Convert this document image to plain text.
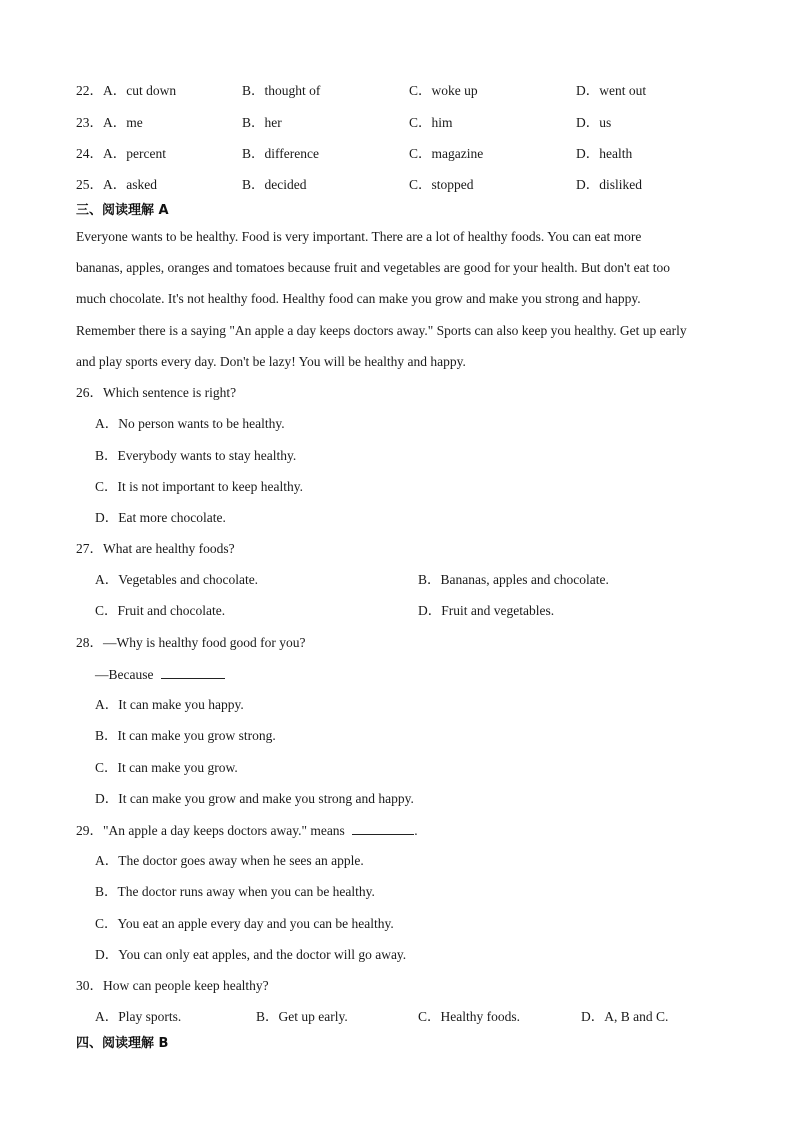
22．A．cut down	B．thought of	C．woke up	D．went out
23．A．me	B．her	C．him	D．us
24．A．percent	B．difference	C．magazine	D．health
25．A．asked	B．decided	C．stopped	D．disliked
三、阅读理解 A
Everyone wants to be healthy. Food is very important. There are a lot of healthy foods. You can eat more
bananas, apples, oranges and tomatoes because fruit and vegetables are good for your health. But don't eat too
much chocolate. It's not healthy food. Healthy food can make you grow and make you strong and happy.
Remember there is a saying "An apple a day keeps doctors away." Sports can also keep you healthy. Get up early
and play sports every day. Don't be lazy! You will be healthy and happy.
26．Which sentence is right?
A．No person wants to be healthy.
B．Everybody wants to stay healthy.
C．It is not important to keep healthy.
D．Eat more chocolate.
27．What are healthy foods?
A．Vegetables and chocolate.	B．Bananas, apples and chocolate.
C．Fruit and chocolate.	D．Fruit and vegetables.
28．—Why is healthy food good for you?
—Because
A．It can make you happy.
B．It can make you grow strong.
C．It can make you grow.
D．It can make you grow and make you strong and happy.
29．"An apple a day keeps doctors away." means	.
A．The doctor goes away when he sees an apple.
B．The doctor runs away when you can be healthy.
C．You eat an apple every day and you can be healthy.
D．You can only eat apples, and the doctor will go away.
30．How can people keep healthy?
A．Play sports.	B．Get up early.	C．Healthy foods.	D．A, B and C.
四、阅读理解 B
